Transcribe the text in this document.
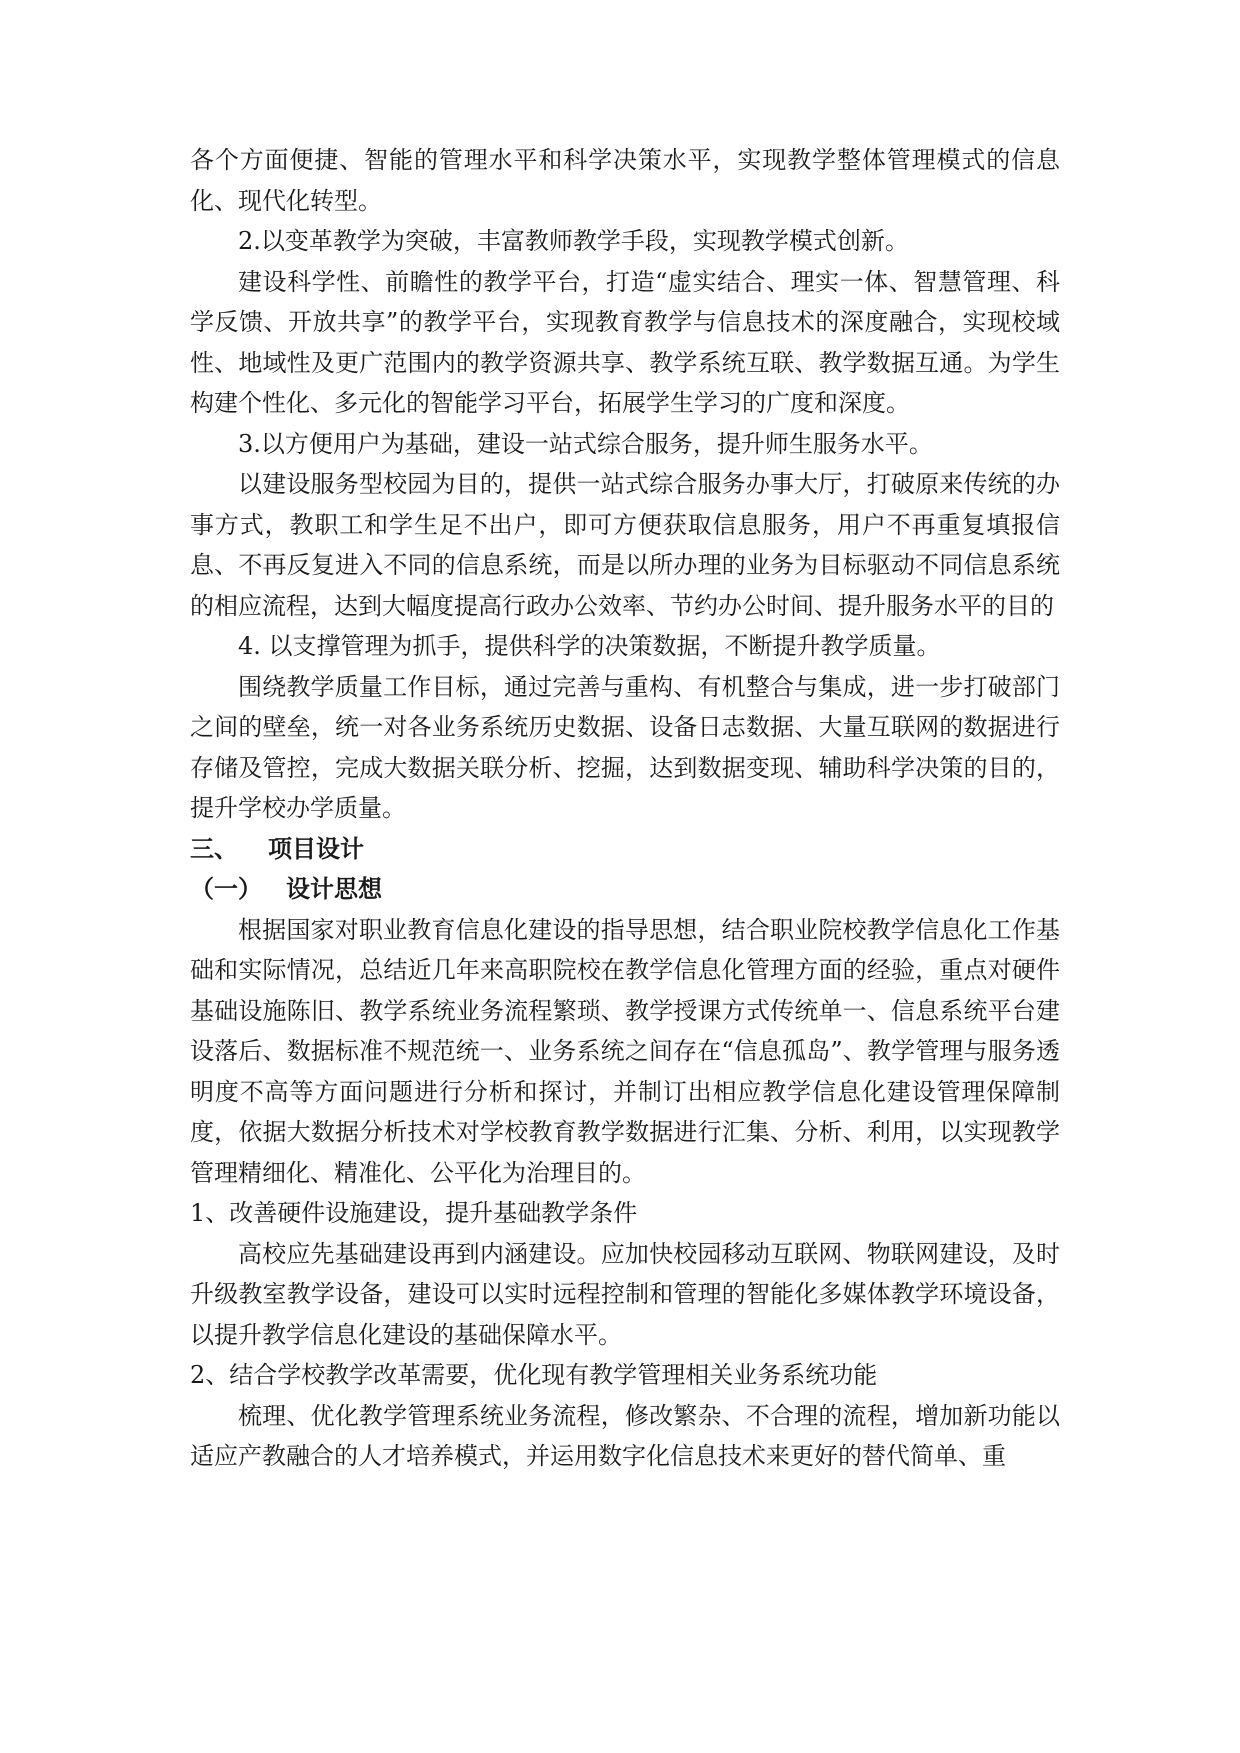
各个方面便捷、智能的管理水平和科学决策水平，实现教学整体管理模式的信息化、现代化转型。

2.以变革教学为突破，丰富教师教学手段，实现教学模式创新。

建设科学性、前瞻性的教学平台，打造“虚实结合、理实一体、智慧管理、科学反馈、开放共享”的教学平台，实现教育教学与信息技术的深度融合，实现校域性、地域性及更广范围内的教学资源共享、教学系统互联、教学数据互通。为学生构建个性化、多元化的智能学习平台，拓展学生学习的广度和深度。

3.以方便用户为基础，建设一站式综合服务，提升师生服务水平。

以建设服务型校园为目的，提供一站式综合服务办事大厅，打破原来传统的办事方式，教职工和学生足不出户，即可方便获取信息服务，用户不再重复填报信息、不再反复进入不同的信息系统，而是以所办理的业务为目标驱动不同信息系统的相应流程，达到大幅度提高行政办公效率、节约办公时间、提升服务水平的目的

4. 以支撑管理为抓手，提供科学的决策数据，不断提升教学质量。

围绕教学质量工作目标，通过完善与重构、有机整合与集成，进一步打破部门之间的壁垒，统一对各业务系统历史数据、设备日志数据、大量互联网的数据进行存储及管控，完成大数据关联分析、挖掘，达到数据变现、辅助科学决策的目的，提升学校办学质量。

三、 项目设计

（一） 设计思想

根据国家对职业教育信息化建设的指导思想，结合职业院校教学信息化工作基础和实际情况，总结近几年来高职院校在教学信息化管理方面的经验，重点对硬件基础设施陈旧、教学系统业务流程繁琐、教学授课方式传统单一、信息系统平台建设落后、数据标准不规范统一、业务系统之间存在“信息孤岛”、教学管理与服务透明度不高等方面问题进行分析和探讨，并制订出相应教学信息化建设管理保障制度，依据大数据分析技术对学校教育教学数据进行汇集、分析、利用，以实现教学管理精细化、精准化、公平化为治理目的。

1、改善硬件设施建设，提升基础教学条件

高校应先基础建设再到内涵建设。应加快校园移动互联网、物联网建设，及时升级教室教学设备，建设可以实时远程控制和管理的智能化多媒体教学环境设备，以提升教学信息化建设的基础保障水平。

2、结合学校教学改革需要，优化现有教学管理相关业务系统功能

梳理、优化教学管理系统业务流程，修改繁杂、不合理的流程，增加新功能以适应产教融合的人才培养模式，并运用数字化信息技术来更好的替代简单、重
